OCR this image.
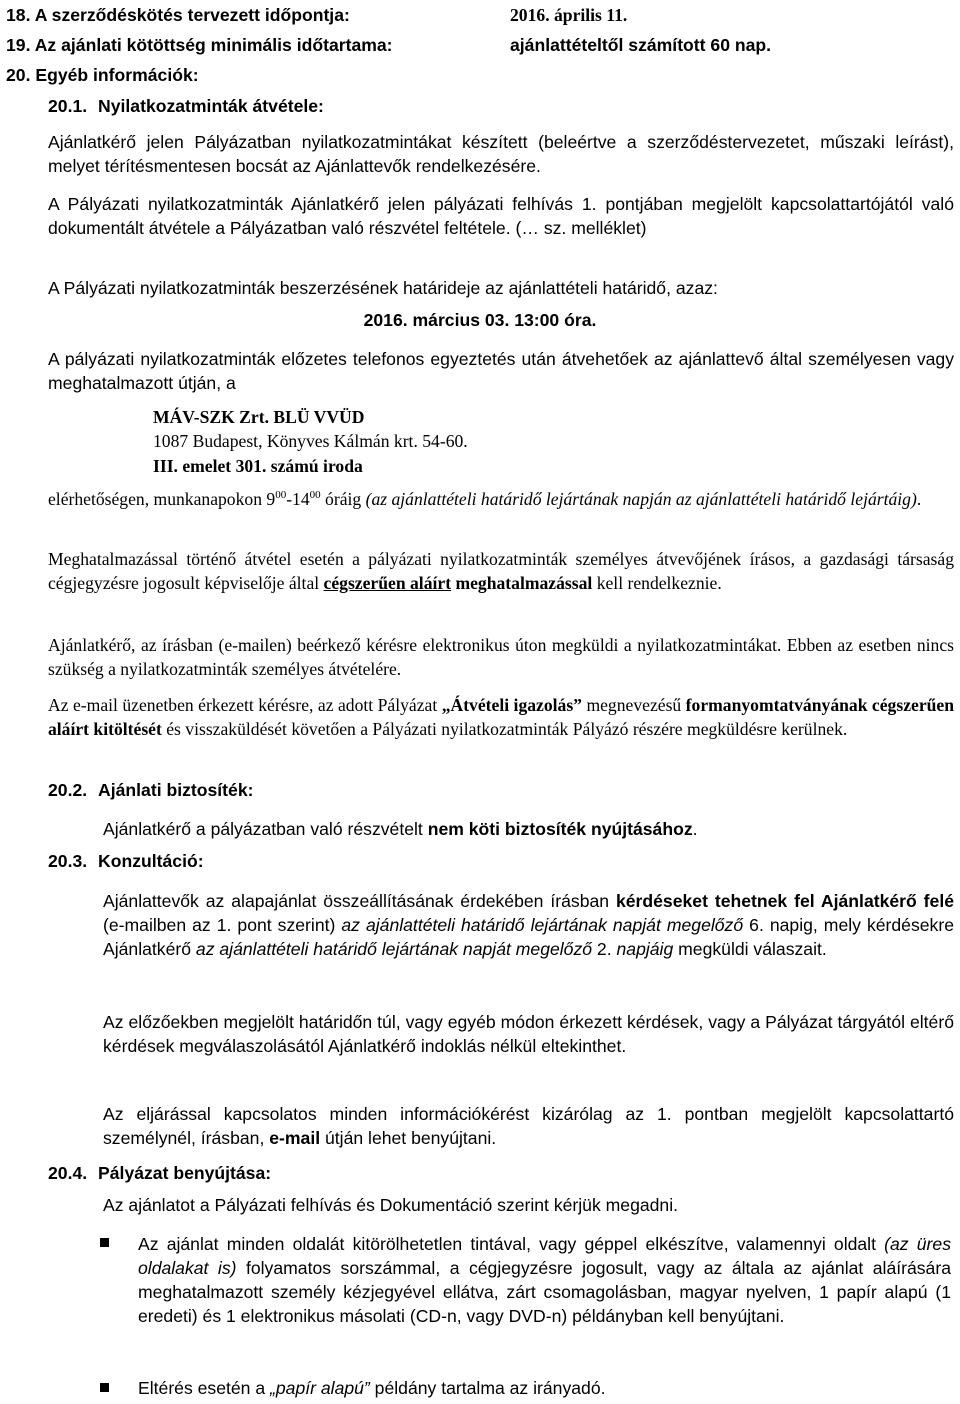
18. A szerződéskötés tervezett időpontja:	2016. április 11.
19. Az ajánlati kötöttség minimális időtartama:	ajánlattételtől számított 60 nap.
20. Egyéb információk:
20.1. Nyilatkozatminták átvétele:
Ajánlatkérő jelen Pályázatban nyilatkozatmintákat készített (beleértve a szerződéstervezetet, műszaki leírást), melyet térítésmentesen bocsát az Ajánlattevők rendelkezésére.
A Pályázati nyilatkozatminták Ajánlatkérő jelen pályázati felhívás 1. pontjában megjelölt kapcsolattartójától való dokumentált átvétele a Pályázatban való részvétel feltétele. (… sz. melléklet)
A Pályázati nyilatkozatminták beszerzésének határideje az ajánlattételi határidő, azaz:
2016. március 03. 13:00 óra.
A pályázati nyilatkozatminták előzetes telefonos egyeztetés után átvehetőek az ajánlattevő által személyesen vagy meghatalmazott útján, a
MÁV-SZK Zrt. BLÜ VVÜD
1087 Budapest, Könyves Kálmán krt. 54-60.
III. emelet 301. számú iroda
elérhetőségen, munkanapokon $9^{00}-14^{00}$ óráig (az ajánlattételi határidő lejártának napján az ajánlattételi határidő lejártáig).
Meghatalmazással történő átvétel esetén a pályázati nyilatkozatminták személyes átvevőjének írásos, a gazdasági társaság cégjegyzésre jogosult képviselője által cégszerűen aláírt meghatalmazással kell rendelkeznie.
Ajánlatkérő, az írásban (e-mailen) beérkező kérésre elektronikus úton megküldi a nyilatkozatmintákat. Ebben az esetben nincs szükség a nyilatkozatminták személyes átvételére.
Az e-mail üzenetben érkezett kérésre, az adott Pályázat „Átvételi igazolás” megnevezésű formanyomtatványának cégszerűen aláírt kitöltését és visszaküldését követően a Pályázati nyilatkozatminták Pályázó részére megküldésre kerülnek.
20.2. Ajánlati biztosíték:
Ajánlatkérő a pályázatban való részvételt nem köti biztosíték nyújtásához.
20.3. Konzultáció:
Ajánlattevők az alapajánlat összeállításának érdekében írásban kérdéseket tehetnek fel Ajánlatkérő felé (e-mailben az 1. pont szerint) az ajánlattételi határidő lejártának napját megelőző 6. napig, mely kérdésekre Ajánlatkérő az ajánlattételi határidő lejártának napját megelőző 2. napjáig megküldi válaszait.
Az előzőekben megjelölt határidőn túl, vagy egyéb módon érkezett kérdések, vagy a Pályázat tárgyától eltérő kérdések megválaszolásától Ajánlatkérő indoklás nélkül eltekinthet.
Az eljárással kapcsolatos minden információkérést kizárólag az 1. pontban megjelölt kapcsolattartó személynél, írásban, e-mail útján lehet benyújtani.
20.4. Pályázat benyújtása:
Az ajánlatot a Pályázati felhívás és Dokumentáció szerint kérjük megadni.
Az ajánlat minden oldalát kitörölhetetlen tintával, vagy géppel elkészítve, valamennyi oldalt (az üres oldalakat is) folyamatos sorszámmal, a cégjegyzésre jogosult, vagy az általa az ajánlat aláírására meghatalmazott személy kézjegyével ellátva, zárt csomagolásban, magyar nyelven, 1 papír alapú (1 eredeti) és 1 elektronikus másolati (CD-n, vagy DVD-n) példányban kell benyújtani.
Eltérés esetén a „papír alapú” példány tartalma az irányadó.
